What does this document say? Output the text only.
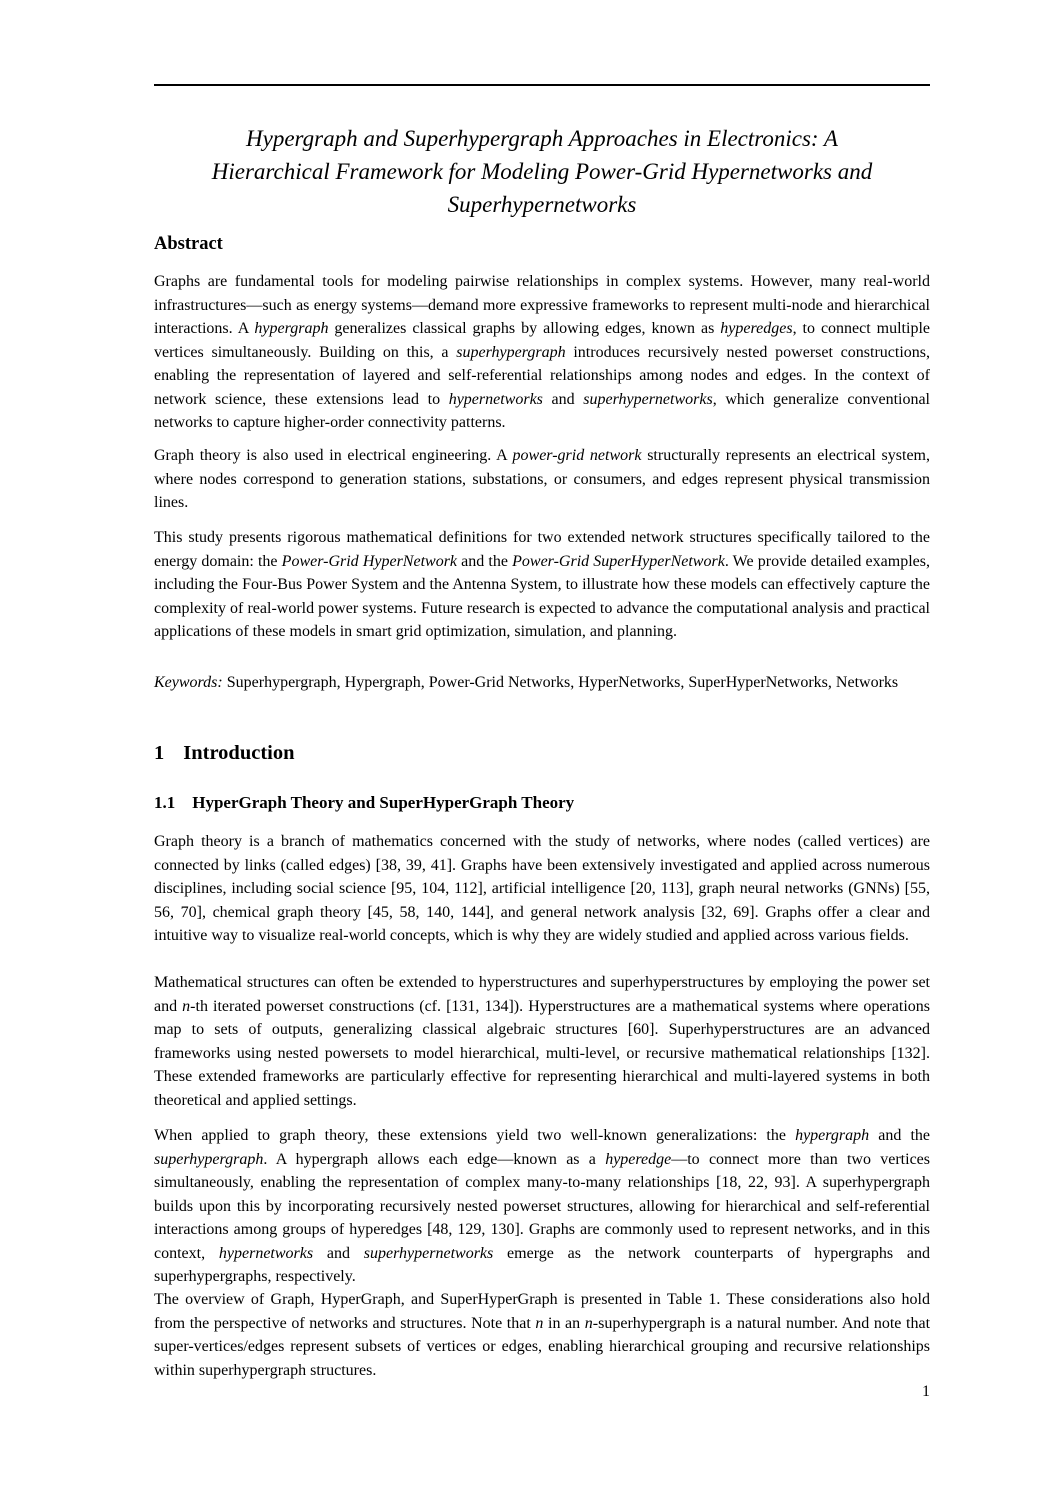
Hypergraph and Superhypergraph Approaches in Electronics: A
Hierarchical Framework for Modeling Power-Grid Hypernetworks and
Superhypernetworks
Abstract

Graphs are fundamental tools for modeling pairwise relationships in complex systems. However, many real-world infrastructures—such as energy systems—demand more expressive frameworks to represent multi-node and hierarchical interactions. A hypergraph generalizes classical graphs by allowing edges, known as hyperedges, to connect multiple vertices simultaneously. Building on this, a superhypergraph introduces recursively nested powerset constructions, enabling the representation of layered and self-referential relationships among nodes and edges. In the context of network science, these extensions lead to hypernetworks and superhypernetworks, which generalize conventional networks to capture higher-order connectivity patterns.

Graph theory is also used in electrical engineering. A power-grid network structurally represents an electrical system, where nodes correspond to generation stations, substations, or consumers, and edges represent physical transmission lines.

This study presents rigorous mathematical definitions for two extended network structures specifically tailored to the energy domain: the Power-Grid HyperNetwork and the Power-Grid SuperHyperNetwork. We provide detailed examples, including the Four-Bus Power System and the Antenna System, to illustrate how these models can effectively capture the complexity of real-world power systems. Future research is expected to advance the computational analysis and practical applications of these models in smart grid optimization, simulation, and planning.

Keywords: Superhypergraph, Hypergraph, Power-Grid Networks, HyperNetworks, SuperHyperNetworks, Networks

1 Introduction
1.1 HyperGraph Theory and SuperHyperGraph Theory

Graph theory is a branch of mathematics concerned with the study of networks, where nodes (called vertices) are connected by links (called edges) [38, 39, 41]. Graphs have been extensively investigated and applied across numerous disciplines, including social science [95, 104, 112], artificial intelligence [20, 113], graph neural networks (GNNs) [55, 56, 70], chemical graph theory [45, 58, 140, 144], and general network analysis [32, 69]. Graphs offer a clear and intuitive way to visualize real-world concepts, which is why they are widely studied and applied across various fields.

Mathematical structures can often be extended to hyperstructures and superhyperstructures by employing the power set and n-th iterated powerset constructions (cf. [131, 134]). Hyperstructures are a mathematical systems where operations map to sets of outputs, generalizing classical algebraic structures [60]. Superhyperstructures are an advanced frameworks using nested powersets to model hierarchical, multi-level, or recursive mathematical relationships [132]. These extended frameworks are particularly effective for representing hierarchical and multi-layered systems in both theoretical and applied settings.

When applied to graph theory, these extensions yield two well-known generalizations: the hypergraph and the superhypergraph. A hypergraph allows each edge—known as a hyperedge—to connect more than two vertices simultaneously, enabling the representation of complex many-to-many relationships [18, 22, 93]. A superhypergraph builds upon this by incorporating recursively nested powerset structures, allowing for hierarchical and self-referential interactions among groups of hyperedges [48, 129, 130]. Graphs are commonly used to represent networks, and in this context, hypernetworks and superhypernetworks emerge as the network counterparts of hypergraphs and superhypergraphs, respectively.

The overview of Graph, HyperGraph, and SuperHyperGraph is presented in Table 1. These considerations also hold from the perspective of networks and structures. Note that n in an n-superhypergraph is a natural number. And note that super-vertices/edges represent subsets of vertices or edges, enabling hierarchical grouping and recursive relationships within superhypergraph structures.

1
